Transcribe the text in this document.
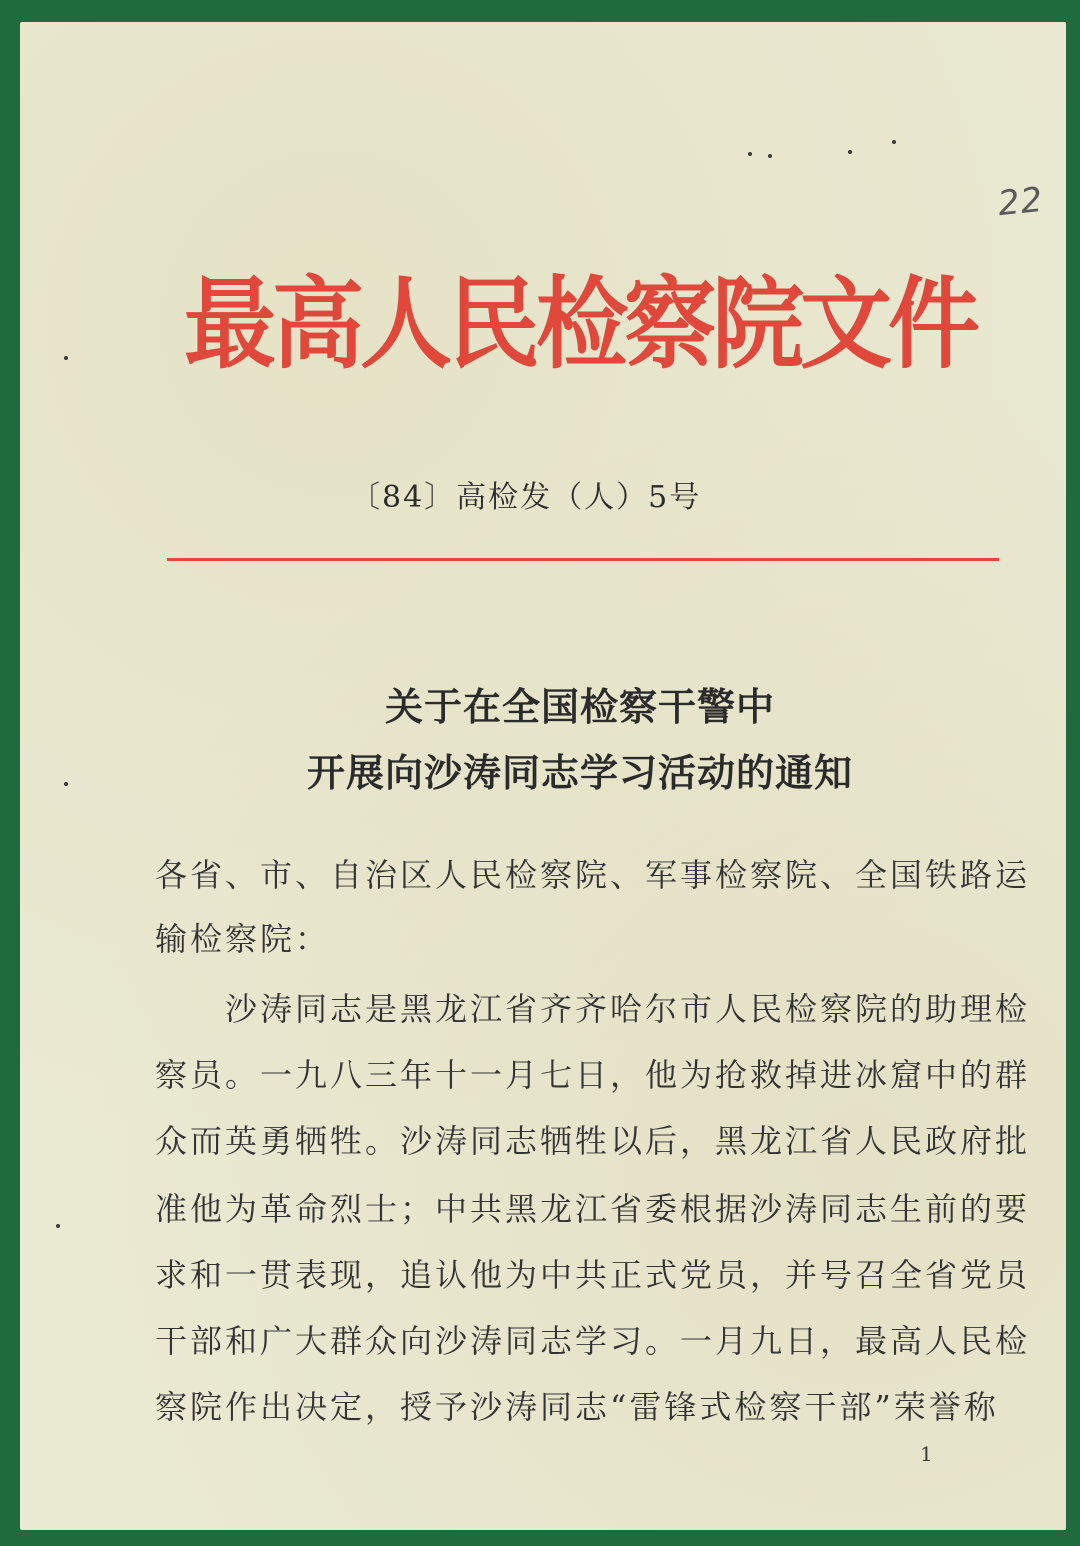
22
最高人民检察院文件
〔84〕高检发（人）5号
关于在全国检察干警中
开展向沙涛同志学习活动的通知
各省、市、自治区人民检察院、军事检察院、全国铁路运
输检察院：
　　沙涛同志是黑龙江省齐齐哈尔市人民检察院的助理检
察员。一九八三年十一月七日，他为抢救掉进冰窟中的群
众而英勇牺牲。沙涛同志牺牲以后，黑龙江省人民政府批
准他为革命烈士；中共黑龙江省委根据沙涛同志生前的要
求和一贯表现，追认他为中共正式党员，并号召全省党员
干部和广大群众向沙涛同志学习。一月九日，最高人民检
察院作出决定，授予沙涛同志“雷锋式检察干部”荣誉称
1
